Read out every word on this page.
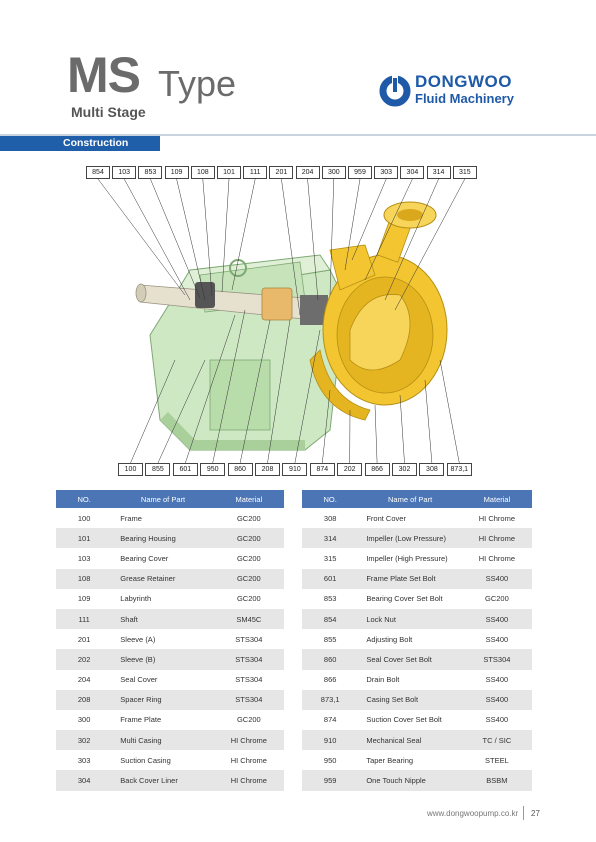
MS Type
Multi Stage
DONGWOO
Fluid Machinery
Construction
854	103	853	109	108	101	111	201	204	300	959	303	304	314	315
100	855	601	950	860	208	910	874	202	866	302	308	873,1
NO.	Name of Part	Material
100	Frame	GC200
101	Bearing Housing	GC200
103	Bearing Cover	GC200
108	Grease Retainer	GC200
109	Labyrinth	GC200
111	Shaft	SM45C
201	Sleeve (A)	STS304
202	Sleeve (B)	STS304
204	Seal Cover	STS304
208	Spacer Ring	STS304
300	Frame Plate	GC200
302	Multi Casing	HI Chrome
303	Suction Casing	HI Chrome
304	Back Cover Liner	HI Chrome
NO.	Name of Part	Material
308	Front Cover	HI Chrome
314	Impeller (Low Pressure)	HI Chrome
315	Impeller (High Pressure)	HI Chrome
601	Frame Plate Set Bolt	SS400
853	Bearing Cover Set Bolt	GC200
854	Lock Nut	SS400
855	Adjusting Bolt	SS400
860	Seal Cover Set Bolt	STS304
866	Drain Bolt	SS400
873,1	Casing Set Bolt	SS400
874	Suction Cover Set Bolt	SS400
910	Mechanical Seal	TC / SIC
950	Taper Bearing	STEEL
959	One Touch Nipple	BSBM
www.dongwoopump.co.kr 27
